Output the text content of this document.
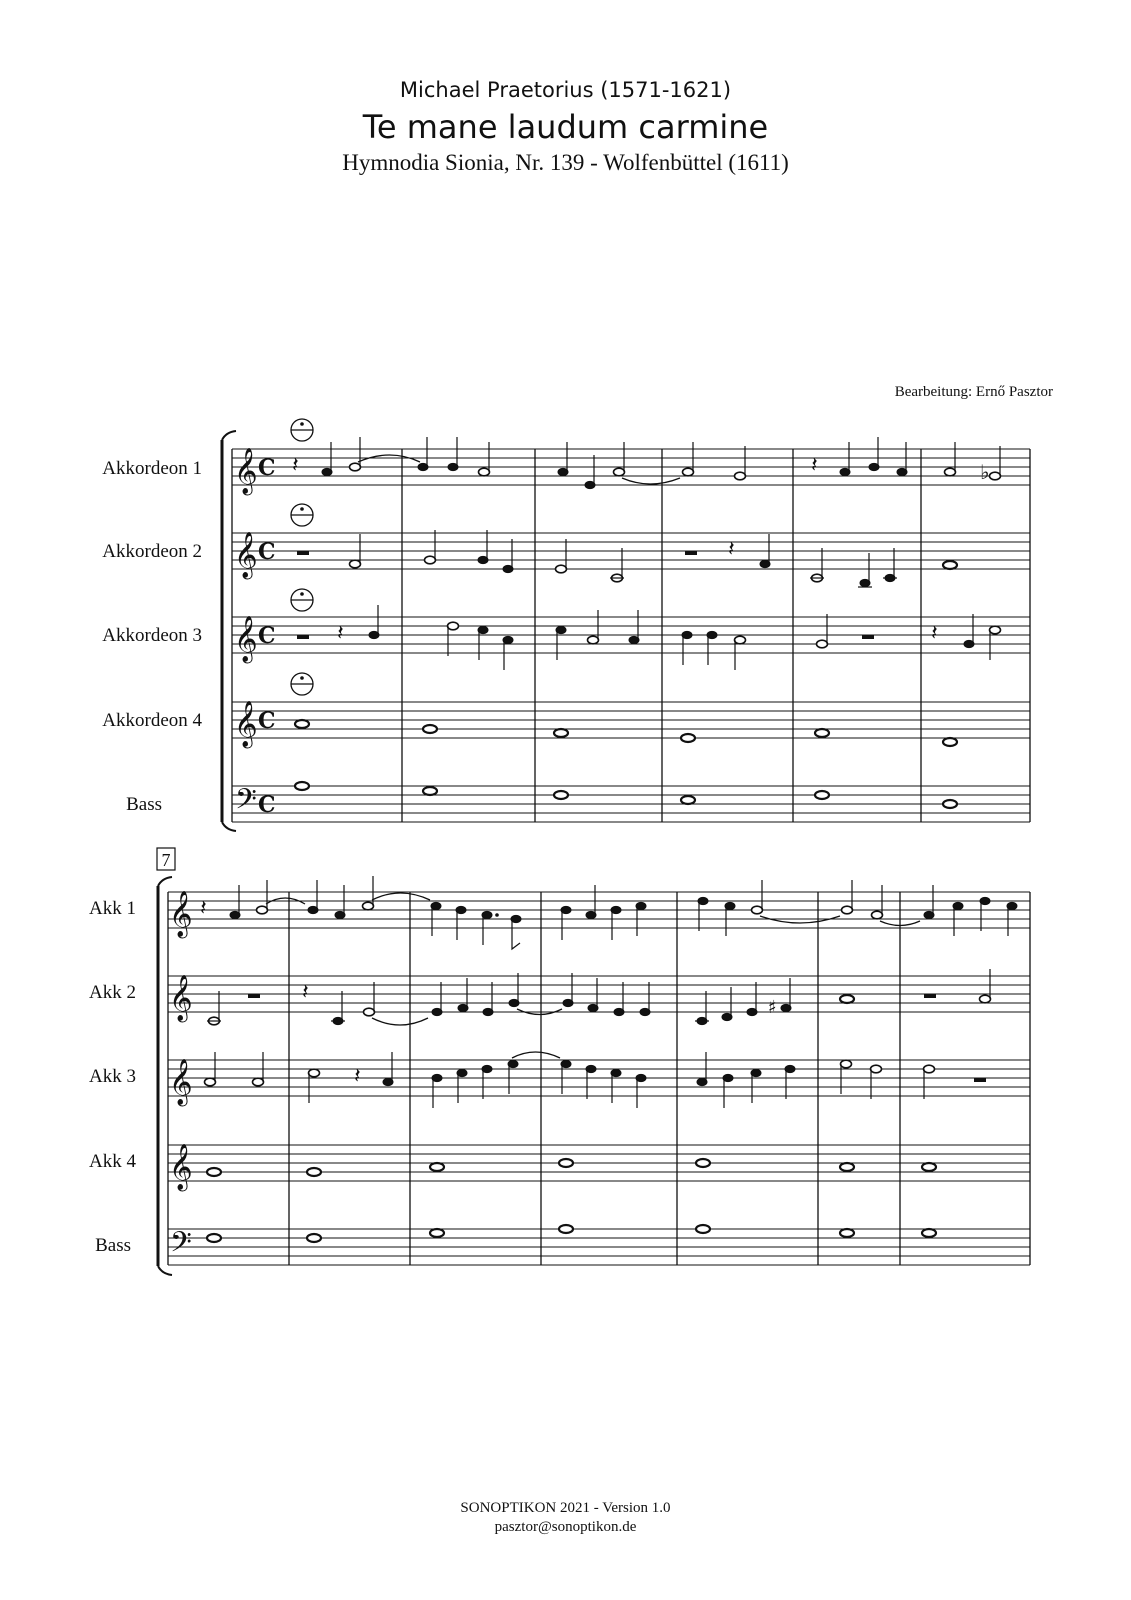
Michael Praetorius (1571-1621)
Te mane laudum carmine
Hymnodia Sionia, Nr. 139 - Wolfenbüttel (1611)
Bearbeitung: Ernő Pasztor
Akkordeon 1
Akkordeon 2
Akkordeon 3
Akkordeon 4
Bass
𝄞
𝄞
𝄞
𝄞
𝄢
C
C
C
C
C
𝄽	𝄽	♭
𝄽
𝄽	𝄽
7
Akk 1
Akk 2
Akk 3
Akk 4
Bass
𝄞
𝄞
𝄞
𝄞
𝄢
𝄽
𝄽
♯
𝄽
SONOPTIKON 2021 - Version 1.0
pasztor@sonoptikon.de
